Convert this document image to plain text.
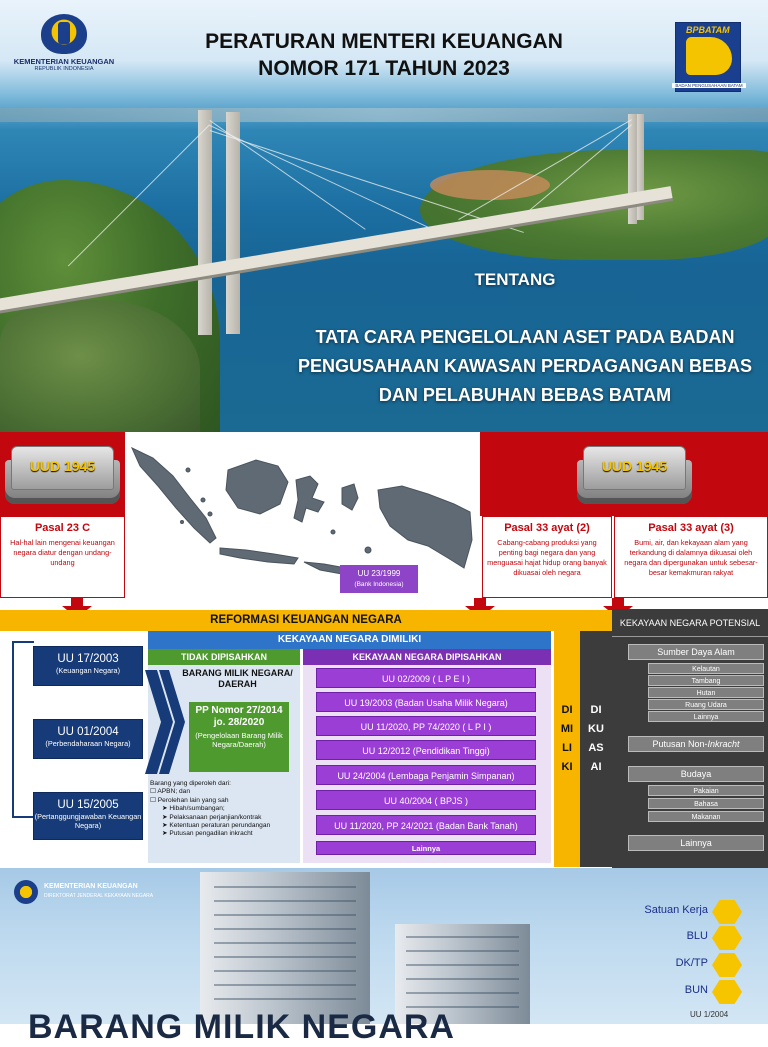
KEMENTERIAN KEUANGAN
REPUBLIK INDONESIA
BPBATAM
BADAN PENGUSAHAAN BATAM
PERATURAN MENTERI KEUANGAN
NOMOR 171 TAHUN 2023
TENTANG
TATA CARA PENGELOLAAN ASET PADA BADAN
PENGUSAHAAN KAWASAN PERDAGANGAN BEBAS
DAN PELABUHAN BEBAS BATAM
UUD 1945	UUD 1945
Pasal 23 C
Hal-hal lain mengenai keuangan negara diatur dengan undang-undang
Pasal 33 ayat (2)
Cabang-cabang produksi yang penting bagi negara dan yang menguasai hajat hidup orang banyak dikuasai oleh negara
Pasal 33 ayat (3)
Bumi, air, dan kekayaan alam yang terkandung di dalamnya dikuasai oleh negara dan dipergunakan untuk sebesar-besar kemakmuran rakyat
UU 23/1999
(Bank Indonesia)
REFORMASI KEUANGAN NEGARA
UU 17/2003
(Keuangan Negara)
UU 01/2004
(Perbendaharaan Negara)
UU 15/2005
(Pertanggungjawaban Keuangan Negara)
KEKAYAAN NEGARA DIMILIKI
TIDAK DIPISAHKAN	KEKAYAAN NEGARA DIPISAHKAN
BARANG MILIK NEGARA/ DAERAH
PP Nomor 27/2014 jo. 28/2020
(Pengelolaan Barang Milik Negara/Daerah)
Barang yang diperoleh dari:
☐ APBN; dan
☐ Perolehan lain yang sah
➤ Hibah/sumbangan;
➤ Pelaksanaan perjanjian/kontrak
➤ Ketentuan peraturan perundangan
➤ Putusan pengadilan inkracht
UU 02/2009 ( L P E I )
UU 19/2003 (Badan Usaha Milik Negara)
UU 11/2020, PP 74/2020 ( L P I )
UU 12/2012 (Pendidikan Tinggi)
UU 24/2004 (Lembaga Penjamin Simpanan)
UU 40/2004 ( BPJS )
UU 11/2020, PP 24/2021 (Badan Bank Tanah)
Lainnya
DI
MI
LI
KI
DI
KU
AS
AI
KEKAYAAN NEGARA POTENSIAL
Sumber Daya Alam
Kelautan
Tambang
Hutan
Ruang Udara
Lainnya
Putusan Non-Inkracht
Budaya
Pakaian
Bahasa
Makanan
Lainnya
KEMENTERIAN KEUANGAN
DIREKTORAT JENDERAL KEKAYAAN NEGARA
Satuan Kerja
BLU
DK/TP
BUN
BARANG MILIK NEGARA	UU 1/2004
